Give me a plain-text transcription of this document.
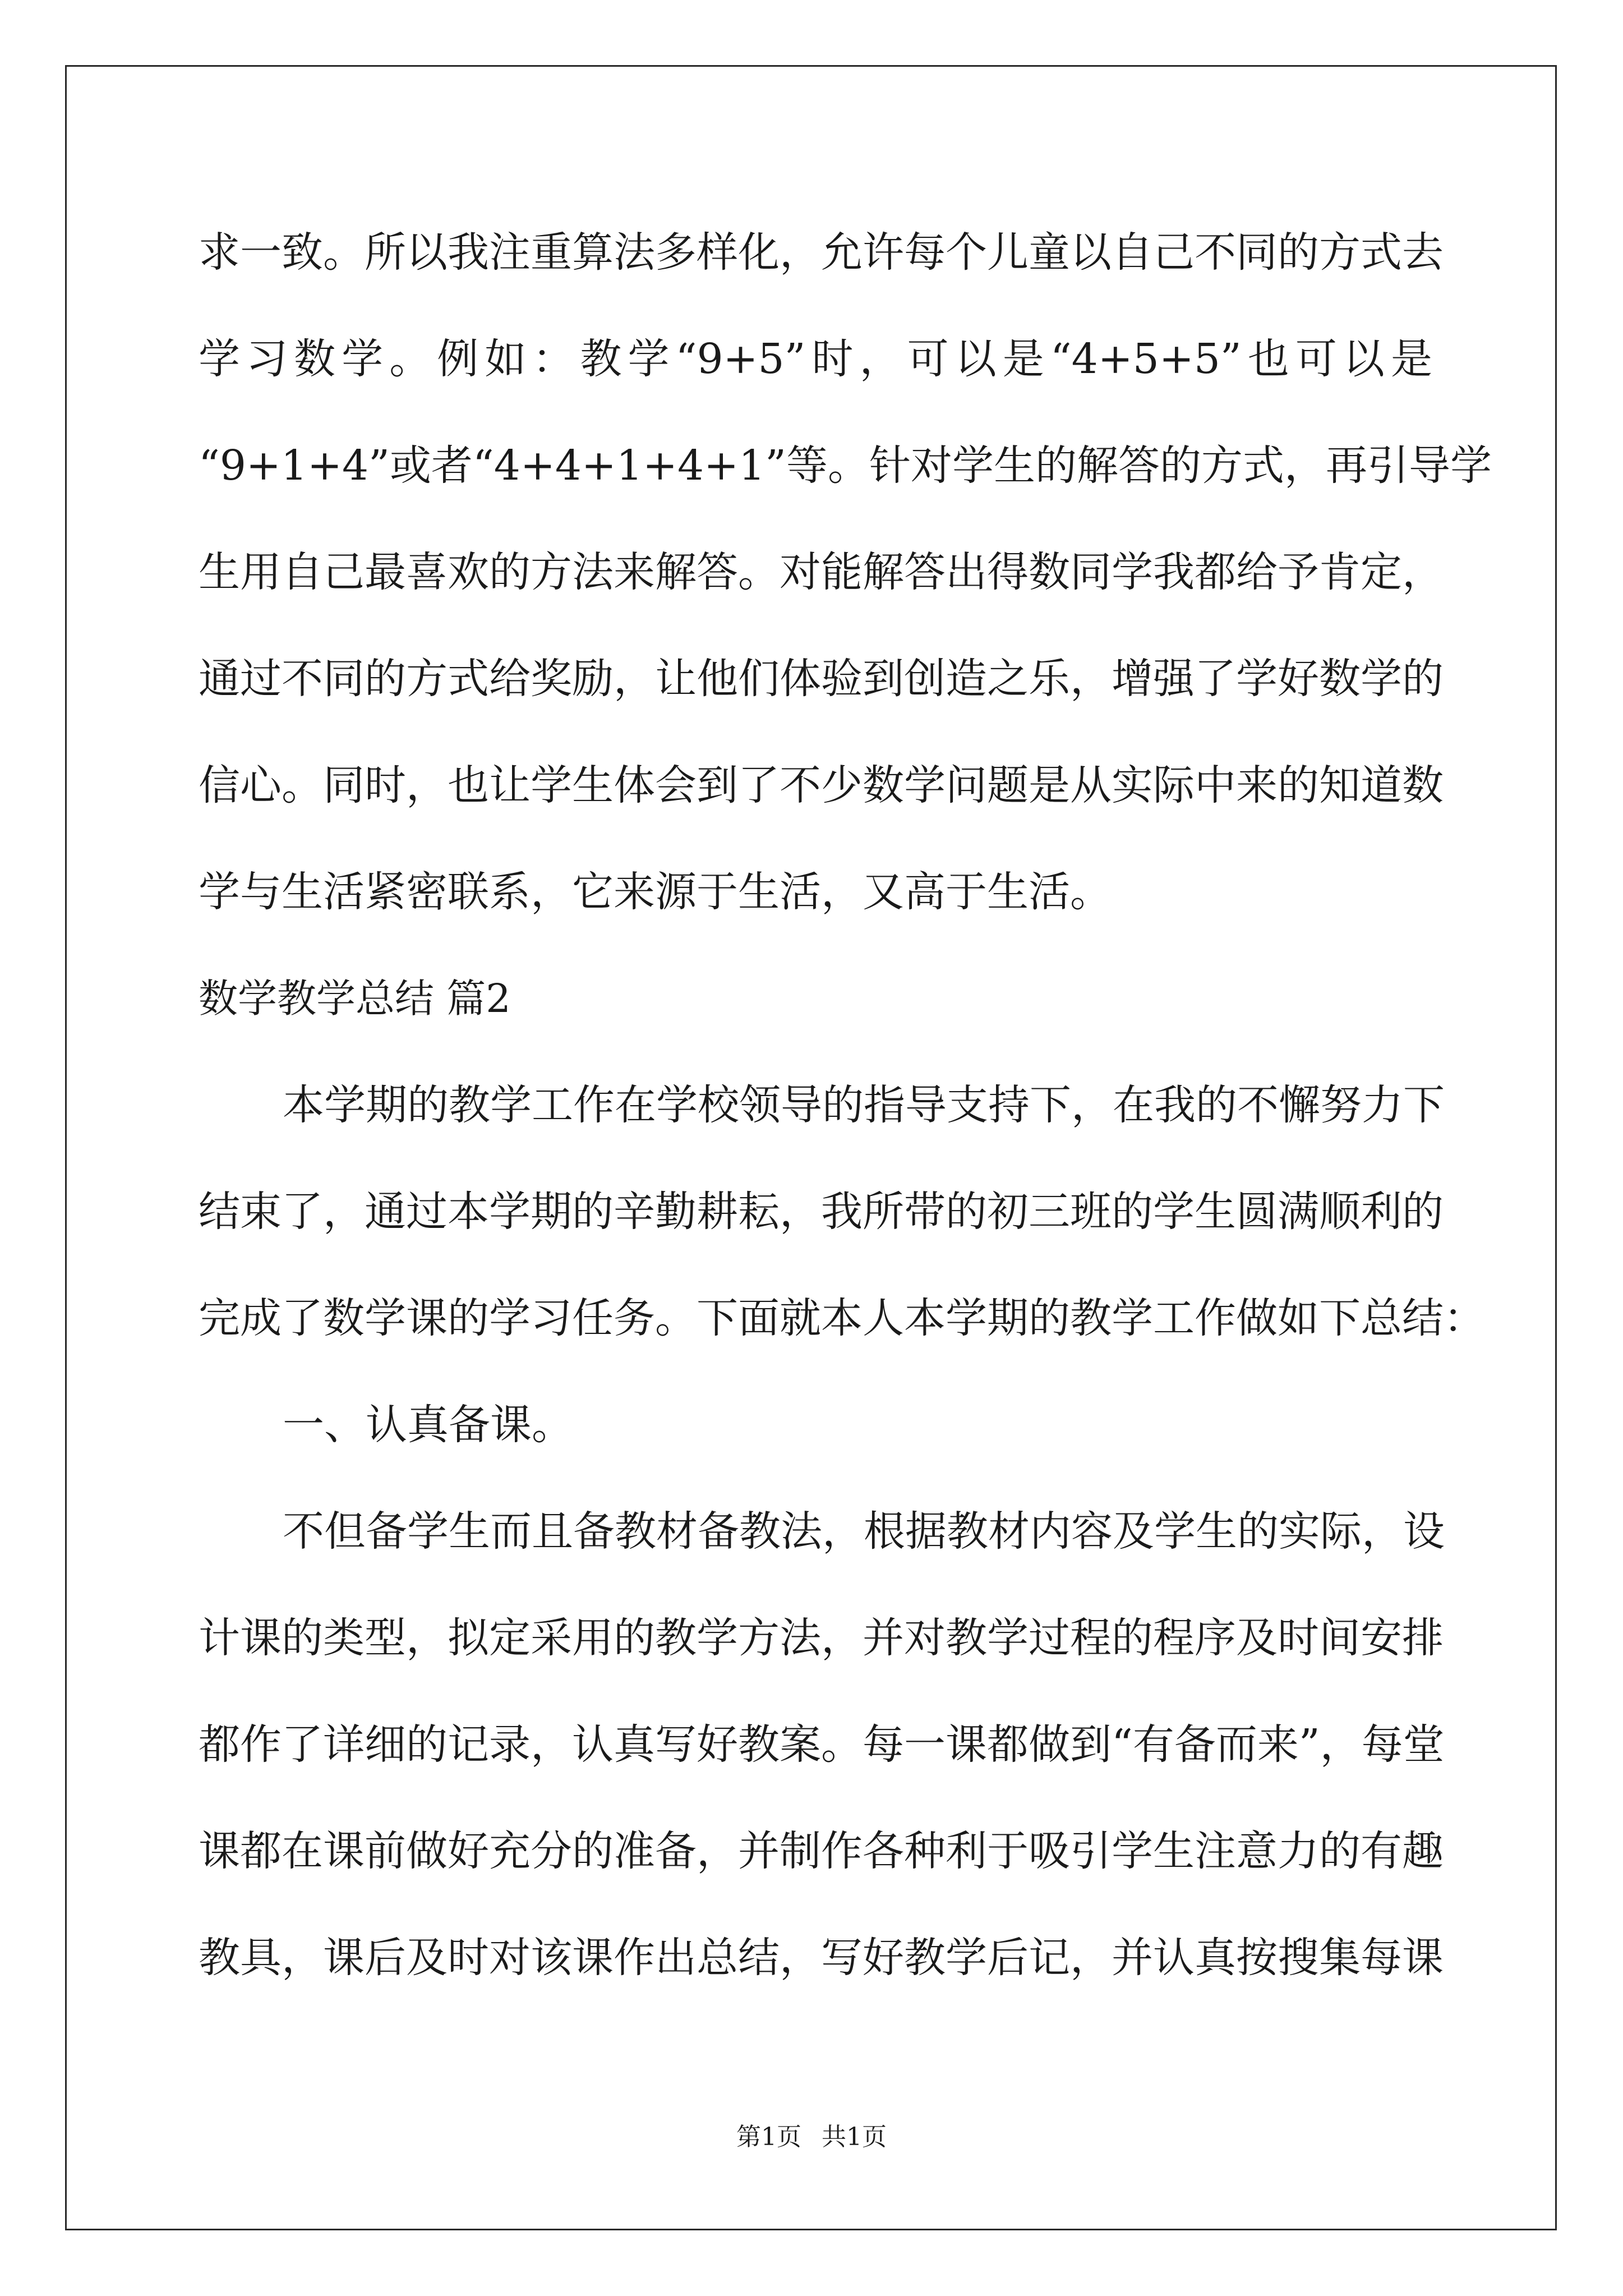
求一致。所以我注重算法多样化，允许每个儿童以自己不同的方式去
学习数学。例如：教学“9+5”时，可以是“4+5+5”也可以是
“9+1+4”或者“4+4+1+4+1”等。针对学生的解答的方式，再引导学
生用自己最喜欢的方法来解答。对能解答出得数同学我都给予肯定，
通过不同的方式给奖励，让他们体验到创造之乐，增强了学好数学的
信心。同时，也让学生体会到了不少数学问题是从实际中来的知道数
学与生活紧密联系，它来源于生活，又高于生活。
数学教学总结 篇2
本学期的教学工作在学校领导的指导支持下，在我的不懈努力下
结束了，通过本学期的辛勤耕耘，我所带的初三班的学生圆满顺利的
完成了数学课的学习任务。下面就本人本学期的教学工作做如下总结：
一、认真备课。
不但备学生而且备教材备教法，根据教材内容及学生的实际，设
计课的类型，拟定采用的教学方法，并对教学过程的程序及时间安排
都作了详细的记录，认真写好教案。每一课都做到“有备而来”，每堂
课都在课前做好充分的准备，并制作各种利于吸引学生注意力的有趣
教具，课后及时对该课作出总结，写好教学后记，并认真按搜集每课
第1页 共1页
